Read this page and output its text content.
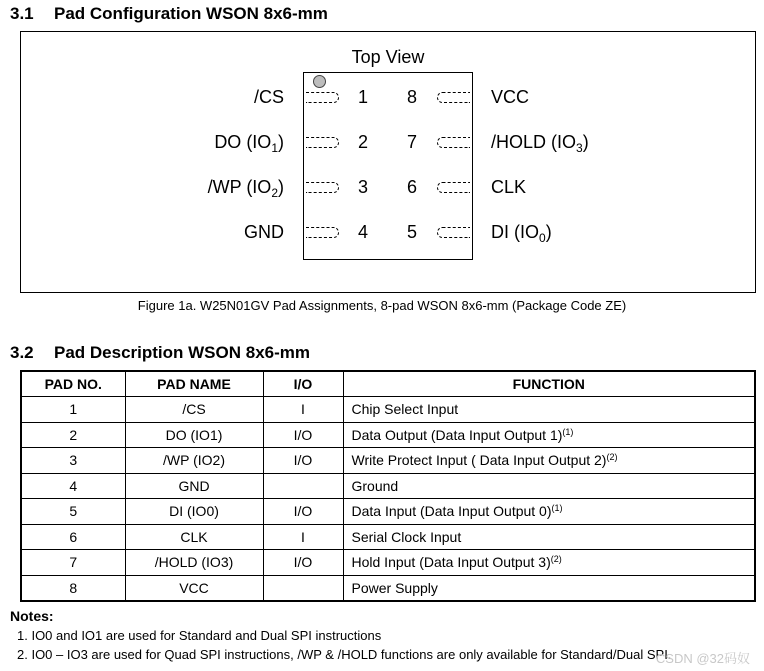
3.1 Pad Configuration WSON 8x6-mm
Top View
1
2
3
4
8
7
6
5
/CS
DO $(IO_1)$
/WP $(IO_2)$
GND
VCC
/HOLD $(IO_3)$
CLK
DI $(IO_0)$
Figure 1a. W25N01GV Pad Assignments, 8-pad WSON 8x6-mm (Package Code ZE)
3.2 Pad Description WSON 8x6-mm
PAD NO.	PAD NAME	I/O	FUNCTION
1	/CS	I	Chip Select Input
2	DO (IO1)	I/O	Data Output (Data Input Output 1)$^{(1)}$
3	/WP (IO2)	I/O	Write Protect Input ( Data Input Output 2)$^{(2)}$
4	GND		Ground
5	DI (IO0)	I/O	Data Input (Data Input Output 0)$^{(1)}$
6	CLK	I	Serial Clock Input
7	/HOLD (IO3)	I/O	Hold Input (Data Input Output 3)$^{(2)}$
8	VCC		Power Supply
Notes:
1. IO0 and IO1 are used for Standard and Dual SPI instructions
2. IO0 – IO3 are used for Quad SPI instructions, /WP & /HOLD functions are only available for Standard/Dual SPI.
CSDN @32码奴
